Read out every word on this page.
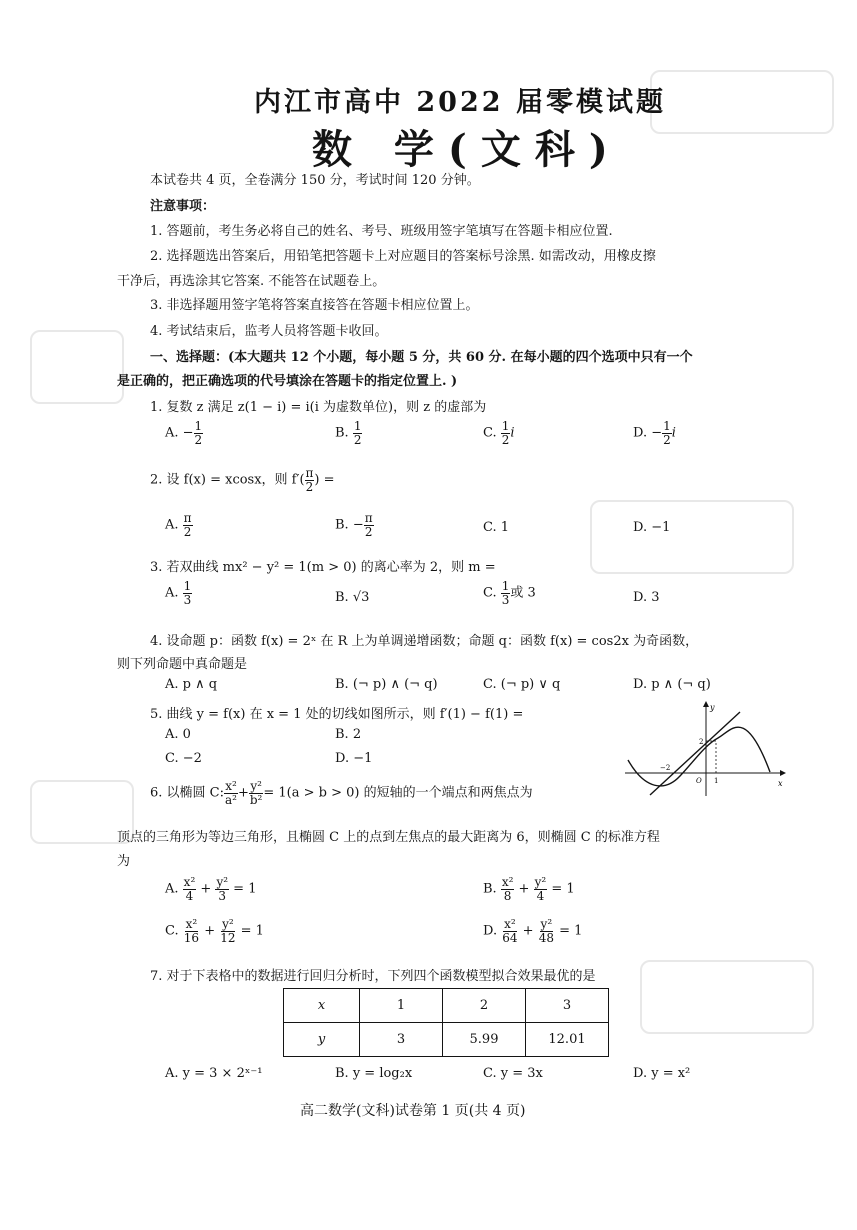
内江市高中 2022 届零模试题
数 学(文科)
本试卷共 4 页，全卷满分 150 分，考试时间 120 分钟。
注意事项：
1. 答题前，考生务必将自己的姓名、考号、班级用签字笔填写在答题卡相应位置.
2. 选择题选出答案后，用铅笔把答题卡上对应题目的答案标号涂黑. 如需改动，用橡皮擦
干净后，再选涂其它答案. 不能答在试题卷上。
3. 非选择题用签字笔将答案直接答在答题卡相应位置上。
4. 考试结束后，监考人员将答题卡收回。
一、选择题：(本大题共 12 个小题，每小题 5 分，共 60 分. 在每小题的四个选项中只有一个
是正确的，把正确选项的代号填涂在答题卡的指定位置上. )
1. 复数 z 满足 z(1 − i) = i(i 为虚数单位)，则 z 的虚部为
A. − $\frac{1}{2}$	B. $\frac{1}{2}$	C. $\frac{1}{2}$ i	D. − $\frac{1}{2}$ i
2. 设 f(x) = xcosx，则 $f'( \frac{\pi}{2}$ ) =
A. $\frac{\pi}{2}$	B. − $\frac{\pi}{2}$	C. 1	D. −1
3. 若双曲线 mx² − y² = 1(m > 0) 的离心率为 2，则 m =
A. $\frac{1}{3}$	B. √3	C. $\frac{1}{3}$ 或 3	D. 3
4. 设命题 p：函数 f(x) = 2ˣ 在 R 上为单调递增函数；命题 q：函数 f(x) = cos2x 为奇函数，
则下列命题中真命题是
A. p ∧ q	B. (¬ p) ∧ (¬ q)	C. (¬ p) ∨ q	D. p ∧ (¬ q)
5. 曲线 y = f(x) 在 x = 1 处的切线如图所示，则 f′(1) − f(1) =
A. 0	B. 2
C. −2	D. −1
y
x
O
−2
1
2
6. 以椭圆 C: $\frac{\text{x²}}{\text{a²}} + \frac{\text{y²}}{\text{b²}} = 1(a > b > 0)$ 的短轴的一个端点和两焦点为
顶点的三角形为等边三角形，且椭圆 C 上的点到左焦点的最大距离为 6，则椭圆 C 的标准方程
为
A. $\frac{\text{x²}}{4} + \frac{\text{y²}}{3} = 1$	B. $\frac{\text{x²}}{8} + \frac{\text{y²}}{4} = 1$
C. $\frac{\text{x²}}{16} + \frac{\text{y²}}{12} = 1$	D. $\frac{\text{x²}}{64} + \frac{\text{y²}}{48} = 1$
7. 对于下表格中的数据进行回归分析时，下列四个函数模型拟合效果最优的是
x	1	2	3
y	3	5.99	12.01
A. y = 3 × 2ˣ⁻¹	B. y = log₂x	C. y = 3x	D. y = x²
高二数学(文科)试卷第 1 页(共 4 页)
